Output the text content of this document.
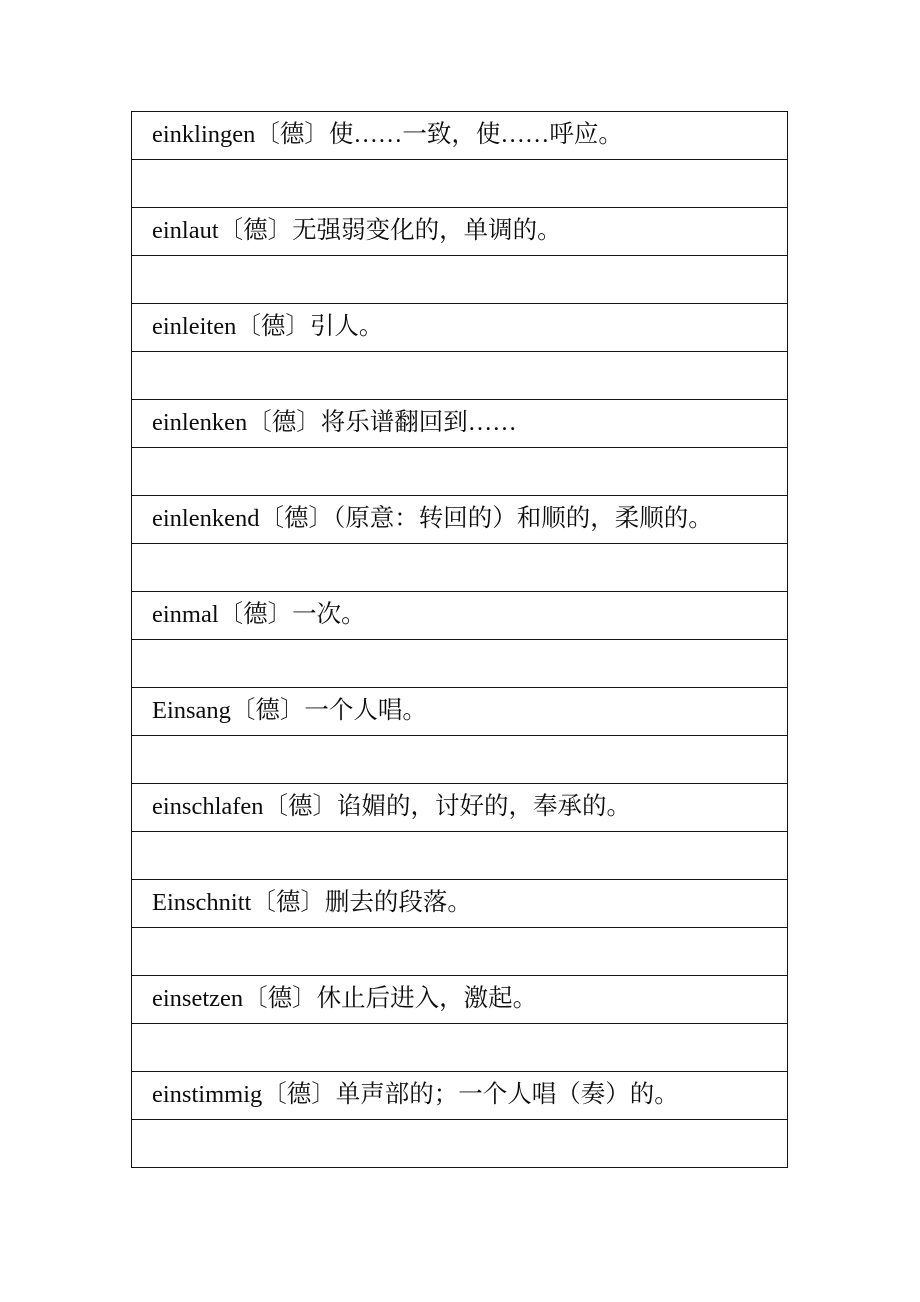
einklingen〔德〕使……一致，使……呼应。

einlaut〔德〕无强弱变化的，单调的。

einleiten〔德〕引人。

einlenken〔德〕将乐谱翻回到……

einlenkend〔德〕（原意：转回的）和顺的，柔顺的。

einmal〔德〕一次。

Einsang〔德〕一个人唱。

einschlafen〔德〕谄媚的，讨好的，奉承的。

Einschnitt〔德〕删去的段落。

einsetzen〔德〕休止后进入，激起。

einstimmig〔德〕单声部的；一个人唱（奏）的。
